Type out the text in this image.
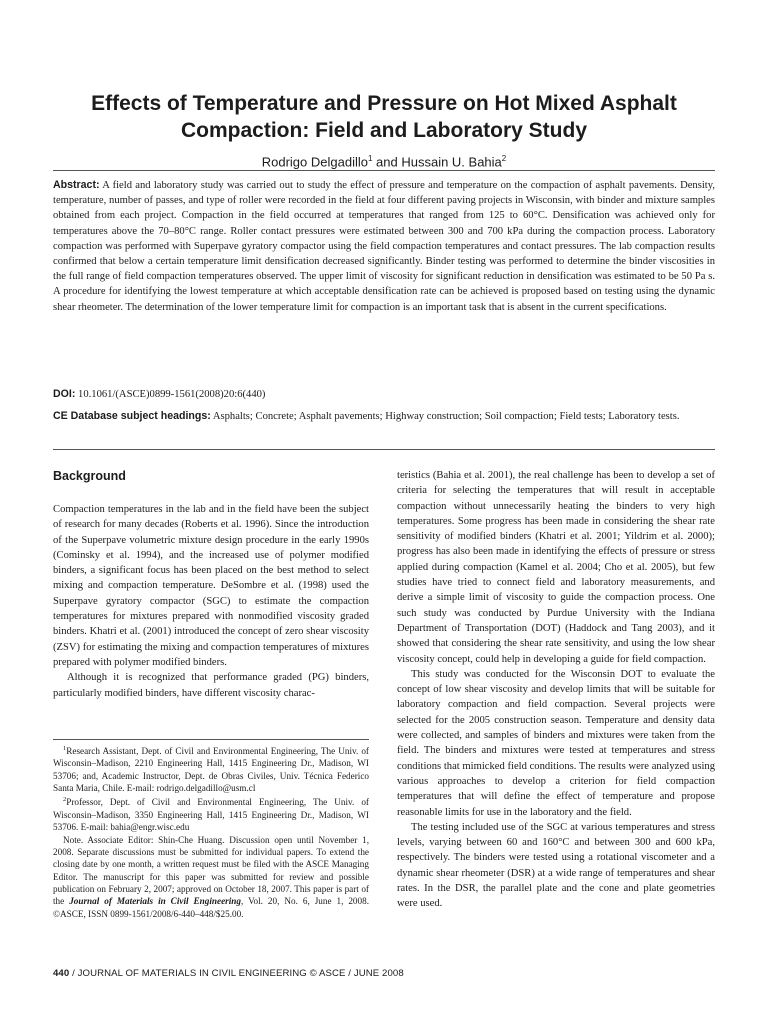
Effects of Temperature and Pressure on Hot Mixed Asphalt Compaction: Field and Laboratory Study
Rodrigo Delgadillo$^1$ and Hussain U. Bahia$^2$
Abstract: A field and laboratory study was carried out to study the effect of pressure and temperature on the compaction of asphalt pavements. Density, temperature, number of passes, and type of roller were recorded in the field at four different paving projects in Wisconsin, with binder and mixture samples obtained from each project. Compaction in the field occurred at temperatures that ranged from 125 to 60°C. Densification was achieved only for temperatures above the 70–80°C range. Roller contact pressures were estimated between 300 and 700 kPa during the compaction process. Laboratory compaction was performed with Superpave gyratory compactor using the field compaction temperatures and contact pressures. The lab compaction results confirmed that below a certain temperature limit densification decreased significantly. Binder testing was performed to determine the binder viscosities in the full range of field compaction temperatures observed. The upper limit of viscosity for significant reduction in densification was estimated to be 50 Pa s. A procedure for identifying the lowest temperature at which acceptable densification rate can be achieved is proposed based on testing using the dynamic shear rheometer. The determination of the lower temperature limit for compaction is an important task that is absent in the current specifications.
DOI: 10.1061/(ASCE)0899-1561(2008)20:6(440)
CE Database subject headings: Asphalts; Concrete; Asphalt pavements; Highway construction; Soil compaction; Field tests; Laboratory tests.
Background

Compaction temperatures in the lab and in the field have been the subject of research for many decades (Roberts et al. 1996). Since the introduction of the Superpave volumetric mixture design procedure in the early 1990s (Cominsky et al. 1994), and the increased use of polymer modified binders, a significant focus has been placed on the best method to select mixing and compaction temperature. DeSombre et al. (1998) used the Superpave gyratory compactor (SGC) to estimate the compaction temperatures for mixtures prepared with nonmodified viscosity graded binders. Khatri et al. (2001) introduced the concept of zero shear viscosity (ZSV) for estimating the mixing and compaction temperatures of mixtures prepared with polymer modified binders.

Although it is recognized that performance graded (PG) binders, particularly modified binders, have different viscosity charac-

$^1$Research Assistant, Dept. of Civil and Environmental Engineering, The Univ. of Wisconsin–Madison, 2210 Engineering Hall, 1415 Engineering Dr., Madison, WI 53706; and, Academic Instructor, Dept. de Obras Civiles, Univ. Técnica Federico Santa Maria, Chile. E-mail: rodrigo.delgadillo@usm.cl

$^2$Professor, Dept. of Civil and Environmental Engineering, The Univ. of Wisconsin–Madison, 3350 Engineering Hall, 1415 Engineering Dr., Madison, WI 53706. E-mail: bahia@engr.wisc.edu

Note. Associate Editor: Shin-Che Huang. Discussion open until November 1, 2008. Separate discussions must be submitted for individual papers. To extend the closing date by one month, a written request must be filed with the ASCE Managing Editor. The manuscript for this paper was submitted for review and possible publication on February 2, 2007; approved on October 18, 2007. This paper is part of the Journal of Materials in Civil Engineering, Vol. 20, No. 6, June 1, 2008. ©ASCE, ISSN 0899-1561/2008/6-440–448/$25.00.

teristics (Bahia et al. 2001), the real challenge has been to develop a set of criteria for selecting the temperatures that will result in acceptable compaction without unnecessarily heating the binders to very high temperatures. Some progress has been made in considering the shear rate sensitivity of modified binders (Khatri et al. 2001; Yildrim et al. 2000); progress has also been made in identifying the effects of pressure or stress applied during compaction (Kamel et al. 2004; Cho et al. 2005), but few studies have tried to connect field and laboratory measurements, and derive a simple limit of viscosity to guide the compaction process. One such study was conducted by Purdue University with the Indiana Department of Transportation (DOT) (Haddock and Tang 2003), and it showed that considering the shear rate sensitivity, and using the low shear viscosity concept, could help in developing a guide for field compaction.

This study was conducted for the Wisconsin DOT to evaluate the concept of low shear viscosity and develop limits that will be suitable for laboratory compaction and field compaction. Several projects were selected for the 2005 construction season. Temperature and density data were collected, and samples of binders and mixtures were taken from the field. The binders and mixtures were tested at temperatures and stress conditions that mimicked field conditions. The results were analyzed using various approaches to develop a criterion for field compaction temperatures that will define the effect of temperature and propose reasonable limits for use in the laboratory and the field.

The testing included use of the SGC at various temperatures and stress levels, varying between 60 and 160°C and between 300 and 600 kPa, respectively. The binders were tested using a rotational viscometer and a dynamic shear rheometer (DSR) at a wide range of temperatures and shear rates. In the DSR, the parallel plate and the cone and plate geometries were used.

440 / JOURNAL OF MATERIALS IN CIVIL ENGINEERING © ASCE / JUNE 2008
